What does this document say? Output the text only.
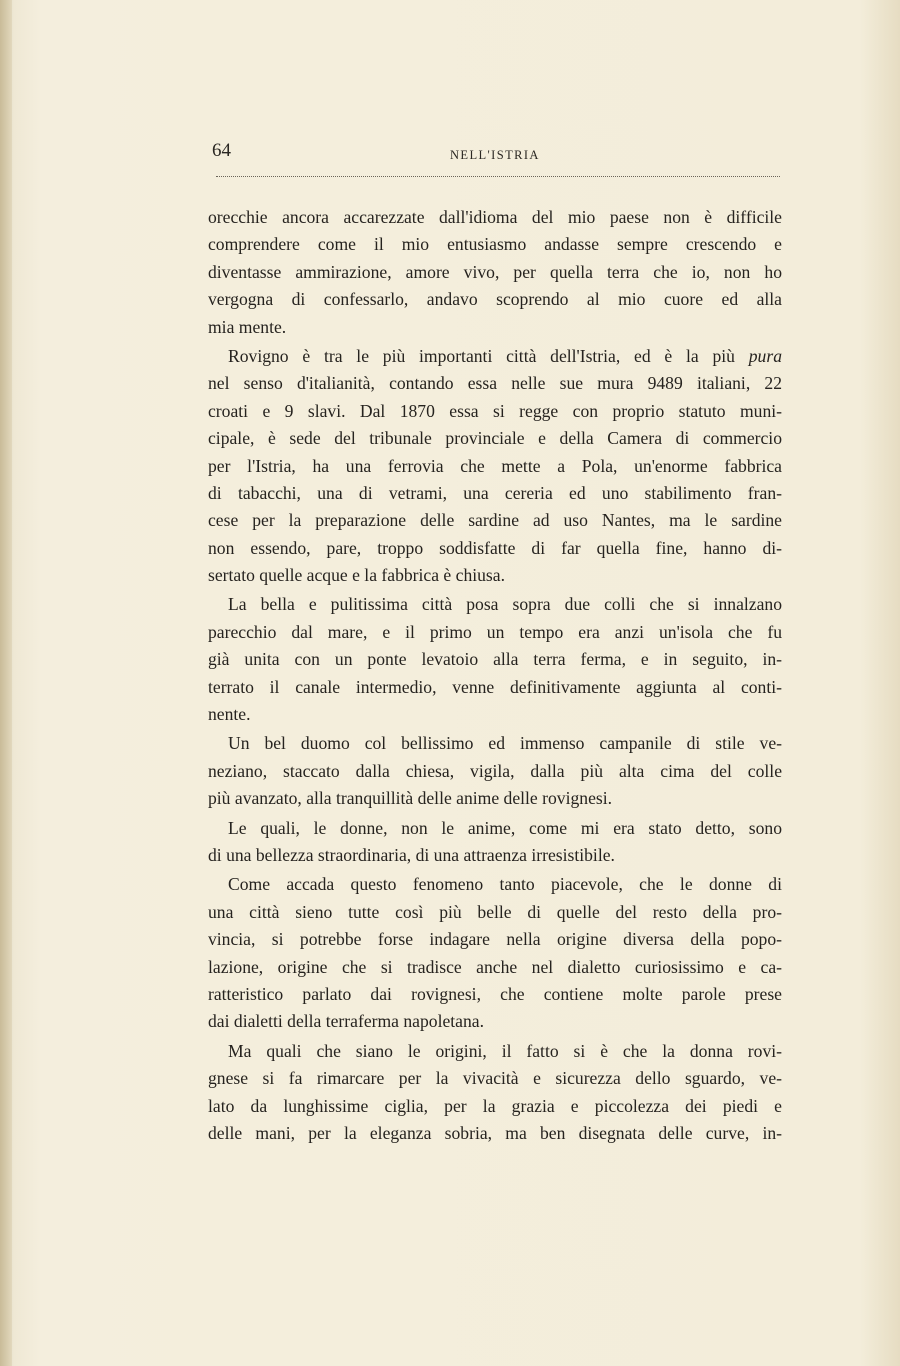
64	NELL'ISTRIA
orecchie ancora accarezzate dall'idioma del mio paese non è difficile
comprendere come il mio entusiasmo andasse sempre crescendo e
diventasse ammirazione, amore vivo, per quella terra che io, non ho
vergogna di confessarlo, andavo scoprendo al mio cuore ed alla
mia mente.
Rovigno è tra le più importanti città dell'Istria, ed è la più pura
nel senso d'italianità, contando essa nelle sue mura 9489 italiani, 22
croati e 9 slavi. Dal 1870 essa si regge con proprio statuto muni-
cipale, è sede del tribunale provinciale e della Camera di commercio
per l'Istria, ha una ferrovia che mette a Pola, un'enorme fabbrica
di tabacchi, una di vetrami, una cereria ed uno stabilimento fran-
cese per la preparazione delle sardine ad uso Nantes, ma le sardine
non essendo, pare, troppo soddisfatte di far quella fine, hanno di-
sertato quelle acque e la fabbrica è chiusa.
La bella e pulitissima città posa sopra due colli che si innalzano
parecchio dal mare, e il primo un tempo era anzi un'isola che fu
già unita con un ponte levatoio alla terra ferma, e in seguito, in-
terrato il canale intermedio, venne definitivamente aggiunta al conti-
nente.
Un bel duomo col bellissimo ed immenso campanile di stile ve-
neziano, staccato dalla chiesa, vigila, dalla più alta cima del colle
più avanzato, alla tranquillità delle anime delle rovignesi.
Le quali, le donne, non le anime, come mi era stato detto, sono
di una bellezza straordinaria, di una attraenza irresistibile.
Come accada questo fenomeno tanto piacevole, che le donne di
una città sieno tutte così più belle di quelle del resto della pro-
vincia, si potrebbe forse indagare nella origine diversa della popo-
lazione, origine che si tradisce anche nel dialetto curiosissimo e ca-
ratteristico parlato dai rovignesi, che contiene molte parole prese
dai dialetti della terraferma napoletana.
Ma quali che siano le origini, il fatto si è che la donna rovi-
gnese si fa rimarcare per la vivacità e sicurezza dello sguardo, ve-
lato da lunghissime ciglia, per la grazia e piccolezza dei piedi e
delle mani, per la eleganza sobria, ma ben disegnata delle curve, in-
